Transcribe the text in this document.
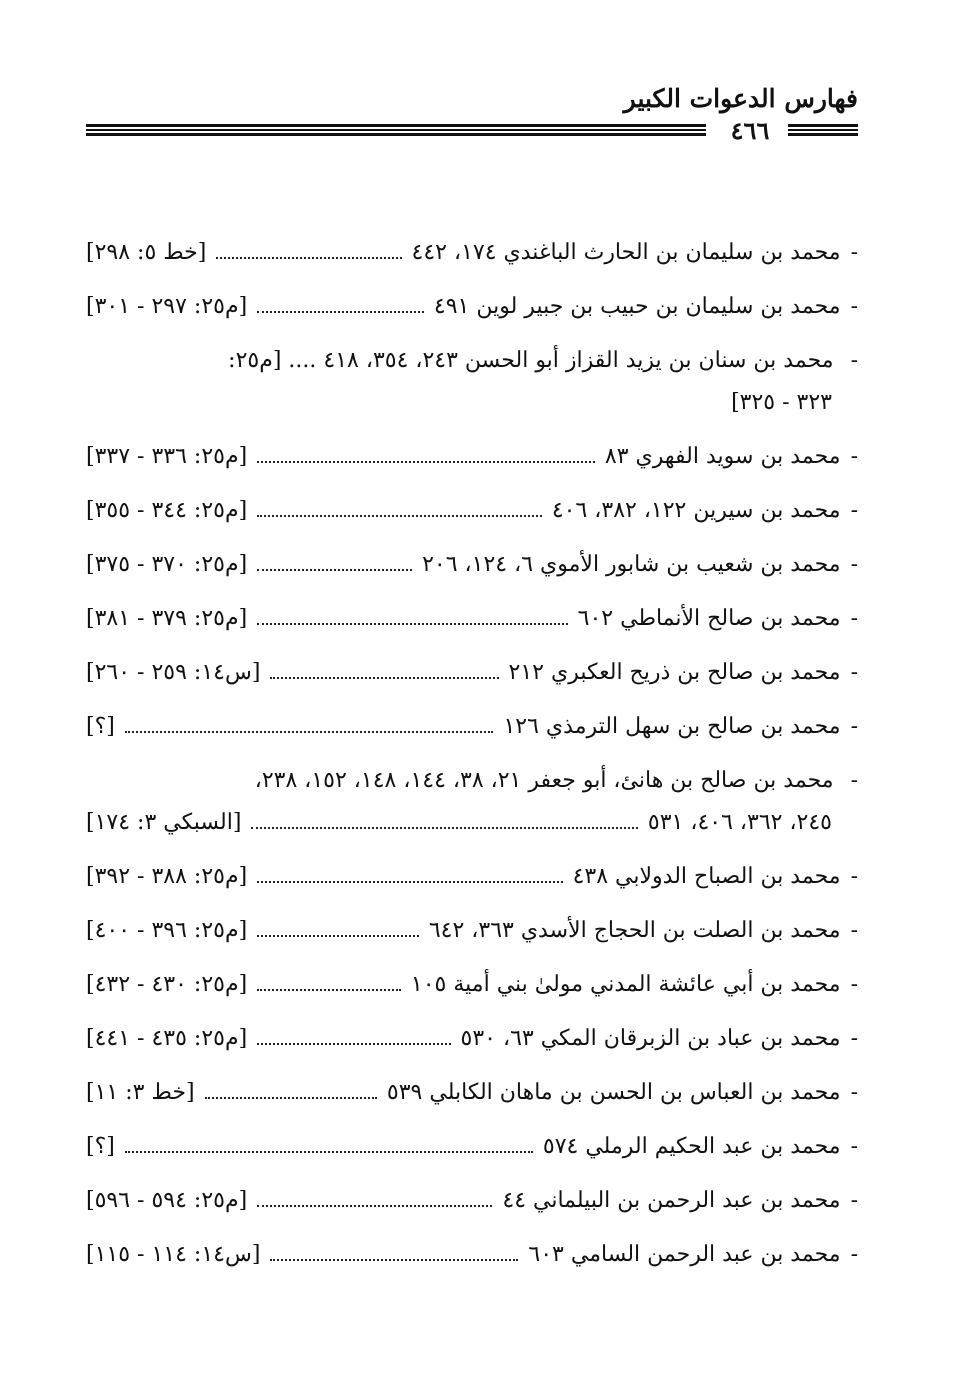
فهارس الدعوات الكبير
٤٦٦
-
محمد بن سليمان بن الحارث الباغندي ١٧٤، ٤٤٢
[خط ٥: ٢٩٨]
-
محمد بن سليمان بن حبيب بن جبير لوين ٤٩١
[م٢٥: ٢٩٧ - ٣٠١]
- محمد بن سنان بن يزيد القزاز أبو الحسن ٢٤٣، ٣٥٤، ٤١٨ .... [م٢٥:
٣٢٣ - ٣٢٥]
-
محمد بن سويد الفهري ٨٣
[م٢٥: ٣٣٦ - ٣٣٧]
-
محمد بن سيرين ١٢٢، ٣٨٢، ٤٠٦
[م٢٥: ٣٤٤ - ٣٥٥]
-
محمد بن شعيب بن شابور الأموي ٦، ١٢٤، ٢٠٦
[م٢٥: ٣٧٠ - ٣٧٥]
-
محمد بن صالح الأنماطي ٦٠٢
[م٢٥: ٣٧٩ - ٣٨١]
-
محمد بن صالح بن ذريح العكبري ٢١٢
[س١٤: ٢٥٩ - ٢٦٠]
-
محمد بن صالح بن سهل الترمذي ١٢٦
[؟]
- محمد بن صالح بن هانئ، أبو جعفر ٢١، ٣٨، ١٤٤، ١٤٨، ١٥٢، ٢٣٨،
٢٤٥، ٣٦٢، ٤٠٦، ٥٣١
[السبكي ٣: ١٧٤]
-
محمد بن الصباح الدولابي ٤٣٨
[م٢٥: ٣٨٨ - ٣٩٢]
-
محمد بن الصلت بن الحجاج الأسدي ٣٦٣، ٦٤٢
[م٢٥: ٣٩٦ - ٤٠٠]
-
محمد بن أبي عائشة المدني مولىٰ بني أمية ١٠٥
[م٢٥: ٤٣٠ - ٤٣٢]
-
محمد بن عباد بن الزبرقان المكي ٦٣، ٥٣٠
[م٢٥: ٤٣٥ - ٤٤١]
-
محمد بن العباس بن الحسن بن ماهان الكابلي ٥٣٩
[خط ٣: ١١]
-
محمد بن عبد الحكيم الرملي ٥٧٤
[؟]
-
محمد بن عبد الرحمن بن البيلماني ٤٤
[م٢٥: ٥٩٤ - ٥٩٦]
-
محمد بن عبد الرحمن السامي ٦٠٣
[س١٤: ١١٤ - ١١٥]
